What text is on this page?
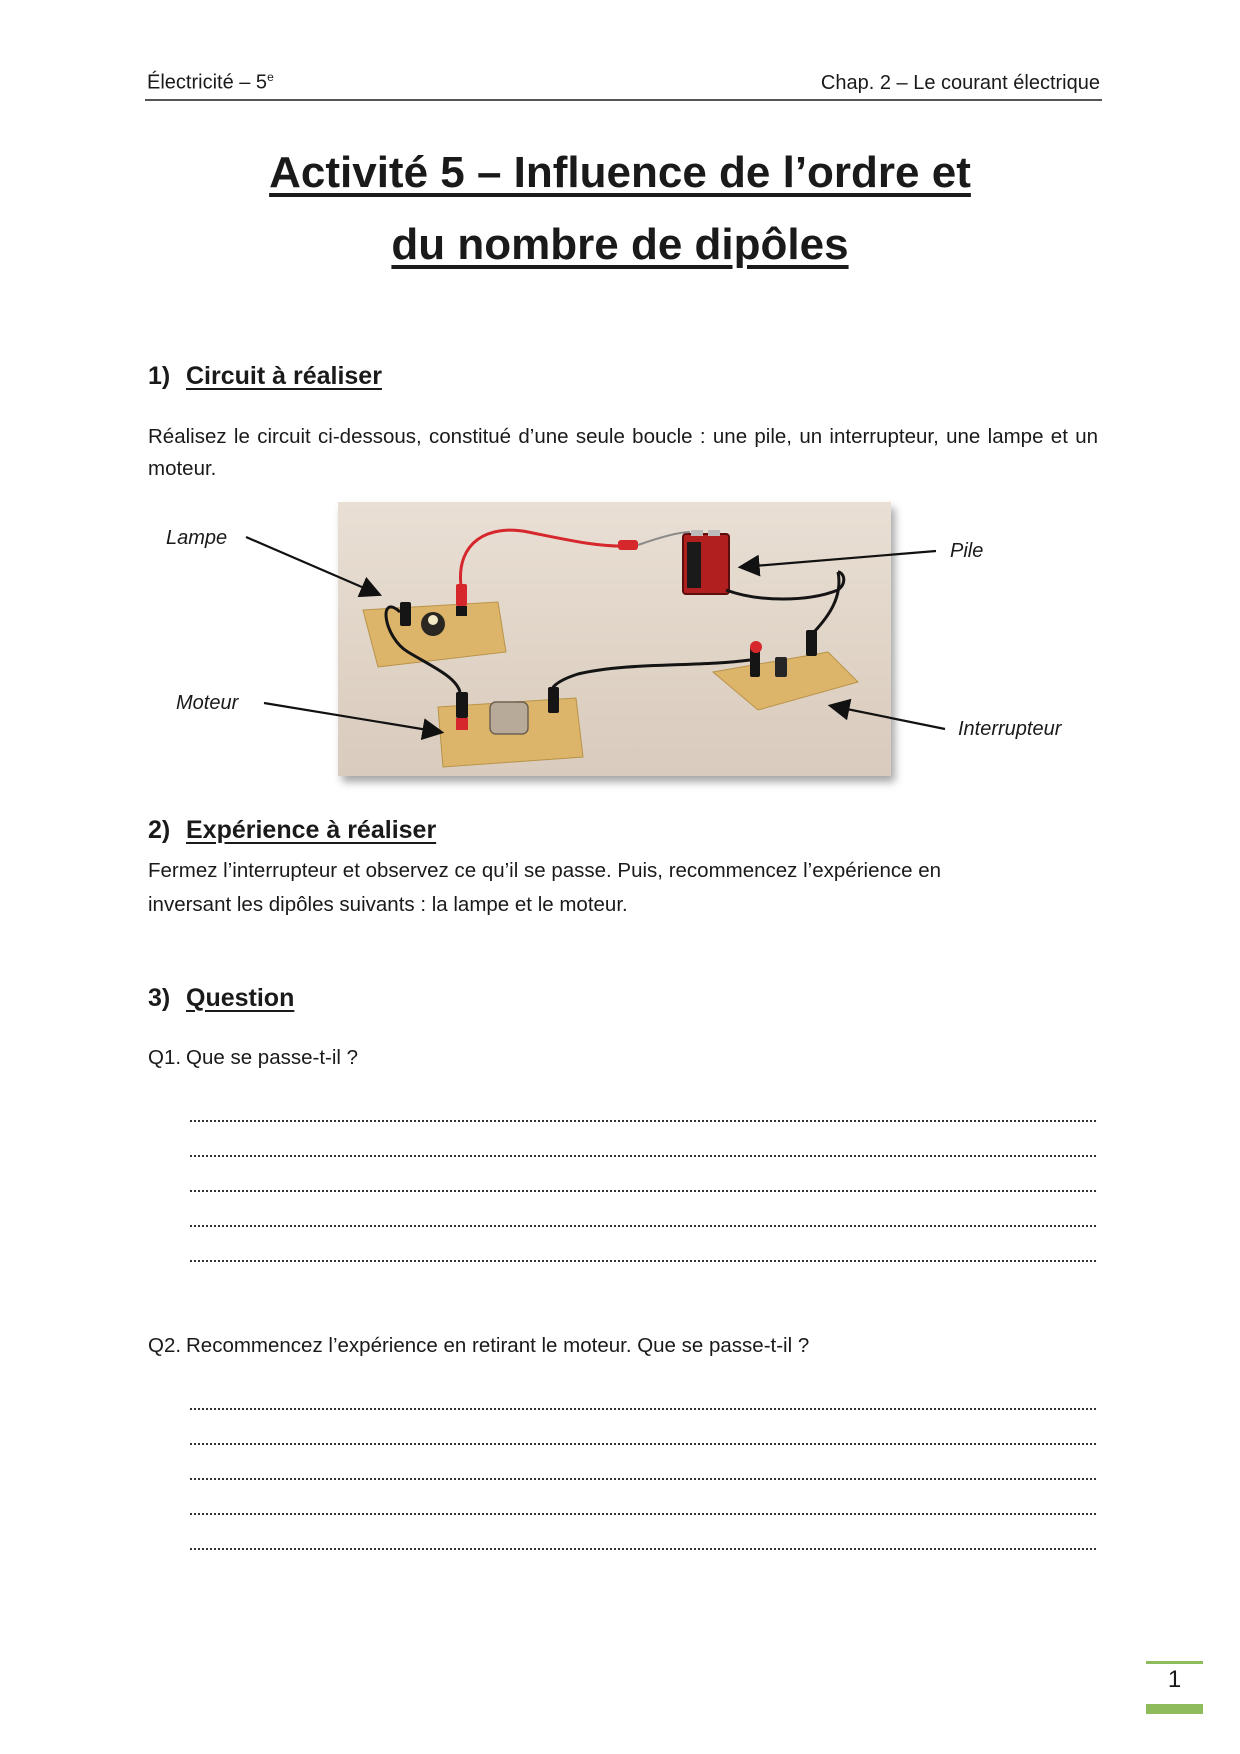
Électricité – 5e	Chap. 2 – Le courant électrique
Activité 5 – Influence de l’ordre et
du nombre de dipôles
1) Circuit à réaliser
Réalisez le circuit ci-dessous, constitué d’une seule boucle : une pile, un interrupteur, une lampe et un moteur.
Lampe
Pile
Moteur
Interrupteur
2) Expérience à réaliser
Fermez l’interrupteur et observez ce qu’il se passe. Puis, recommencez l’expérience en
inversant les dipôles suivants : la lampe et le moteur.
3) Question
Q1. Que se passe-t-il ?
Q2. Recommencez l’expérience en retirant le moteur. Que se passe-t-il ?
1
